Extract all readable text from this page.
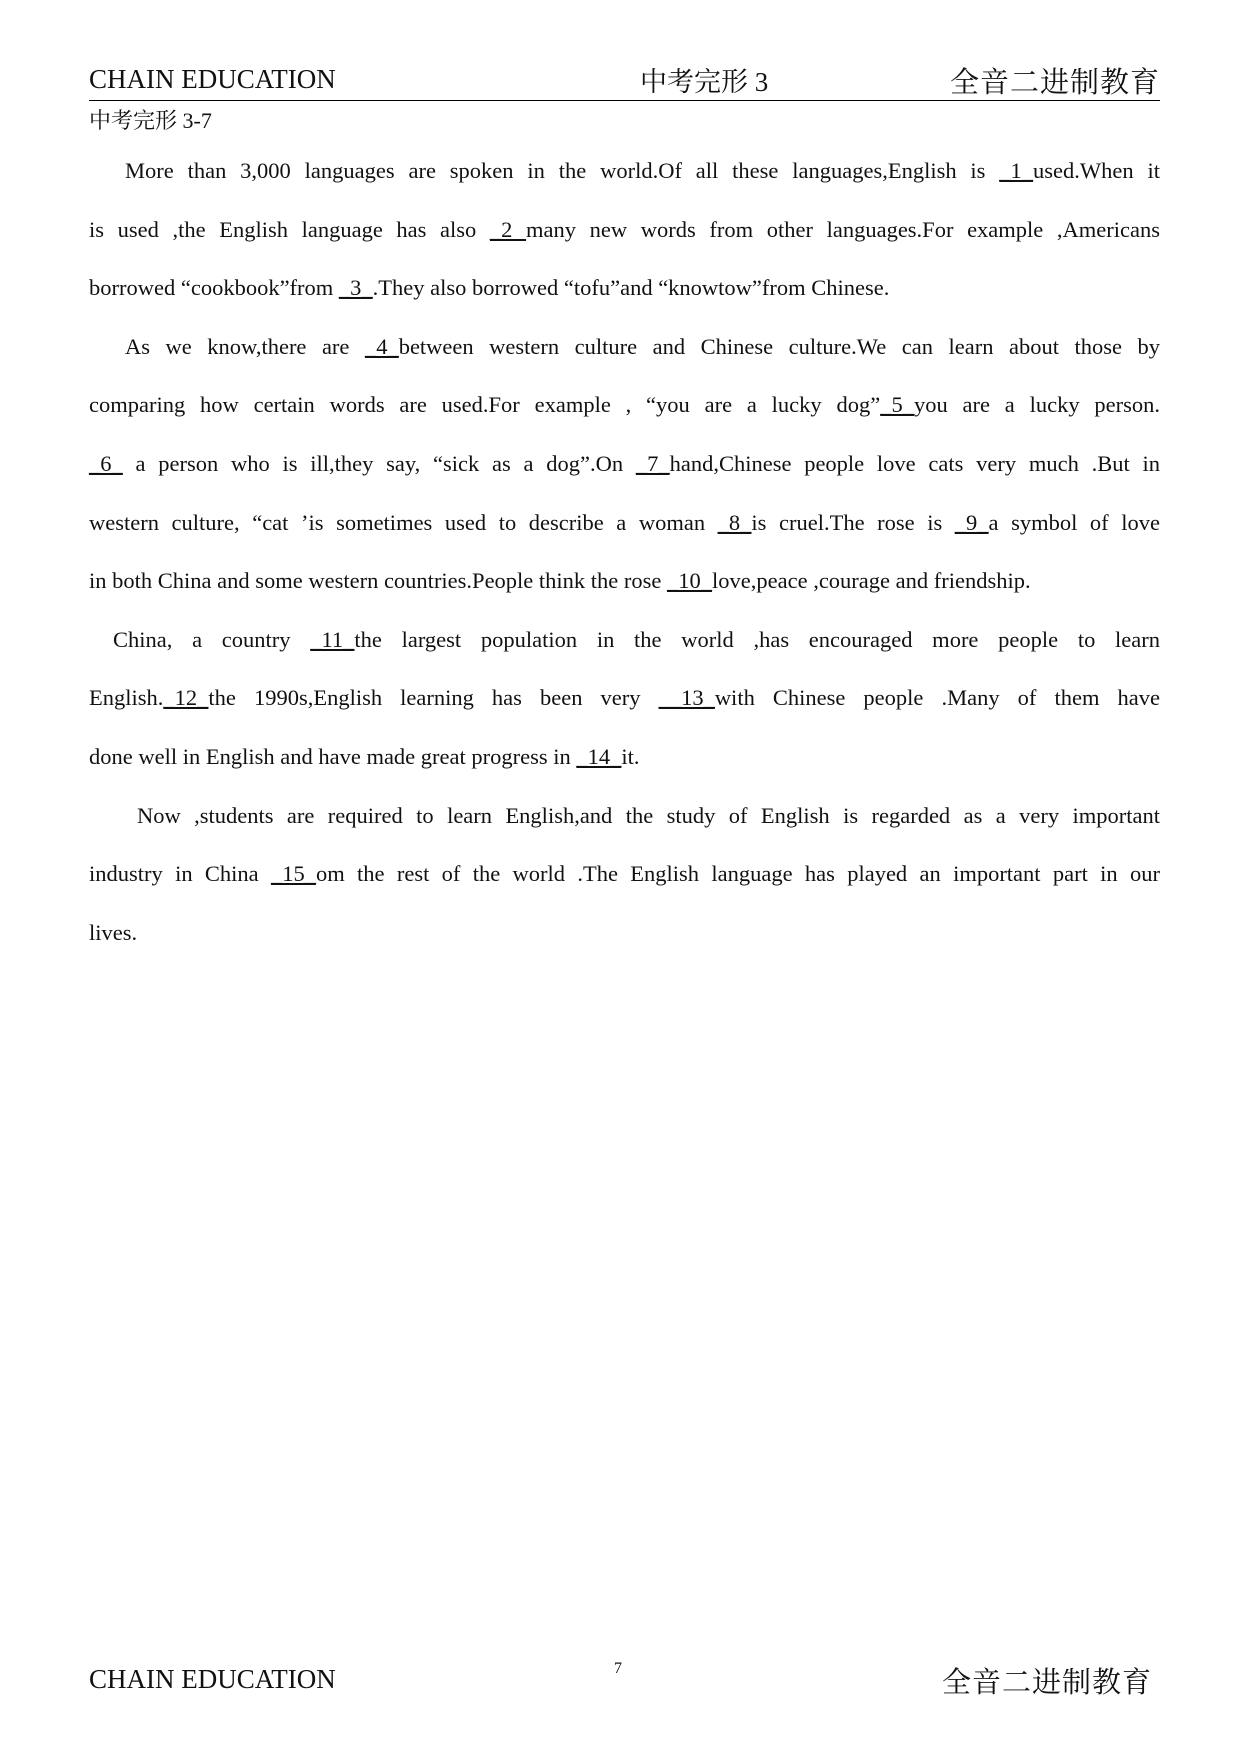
CHAIN EDUCATION	中考完形 3	全音二进制教育
中考完形 3-7
More than 3,000 languages are spoken in the world.Of all these languages,English is _1_used.When it
is used ,the English language has also _2 many new words from other languages.For example ,Americans
borrowed “cookbook”from _3_.They also borrowed “tofu”and “knowtow”from Chinese.
As we know,there are _4_between western culture and Chinese culture.We can learn about those by
comparing how certain words are used.For example , “you are a lucky dog”_5_you are a lucky person.
_6_ a person who is ill,they say, “sick as a dog”.On _7_hand,Chinese people love cats very much .But in
western culture, “cat ’is sometimes used to describe a woman _8_is cruel.The rose is _9_a symbol of love
in both China and some western countries.People think the rose _10_love,peace ,courage and friendship.
China, a country _11_the largest population in the world ,has encouraged more people to learn
English._12_the 1990s,English learning has been very __13_with Chinese people .Many of them have
done well in English and have made great progress in _14_it.
Now ,students are required to learn English,and the study of English is regarded as a very important
industry in China _15_om the rest of the world .The English language has played an important part in our
lives.
CHAIN EDUCATION	7	全音二进制教育
